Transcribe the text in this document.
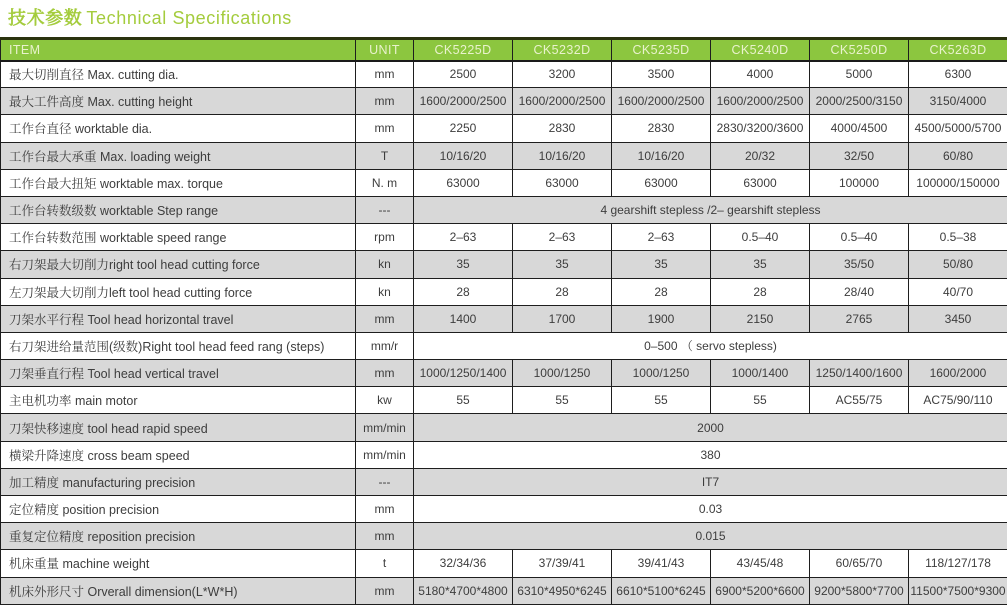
技术参数 Technical Specifications
ITEM	UNIT	CK5225D	CK5232D	CK5235D	CK5240D	CK5250D	CK5263D
最大切削直径 Max. cutting dia.	mm	2500	3200	3500	4000	5000	6300
最大工件高度 Max. cutting height	mm	1600/2000/2500	1600/2000/2500	1600/2000/2500	1600/2000/2500	2000/2500/3150	3150/4000
工作台直径 worktable dia.	mm	2250	2830	2830	2830/3200/3600	4000/4500	4500/5000/5700
工作台最大承重 Max. loading weight	T	10/16/20	10/16/20	10/16/20	20/32	32/50	60/80
工作台最大扭矩 worktable max. torque	N. m	63000	63000	63000	63000	100000	100000/150000
工作台转数级数 worktable Step range	---	4 gearshift stepless /2– gearshift stepless					
工作台转数范围 worktable speed range	rpm	2–63	2–63	2–63	0.5–40	0.5–40	0.5–38
右刀架最大切削力right tool head cutting force	kn	35	35	35	35	35/50	50/80
左刀架最大切削力left tool head cutting force	kn	28	28	28	28	28/40	40/70
刀架水平行程 Tool head horizontal travel	mm	1400	1700	1900	2150	2765	3450
右刀架进给量范围(级数)Right tool head feed rang (steps)	mm/r	0–500 （ servo stepless)					
刀架垂直行程 Tool head vertical travel	mm	1000/1250/1400	1000/1250	1000/1250	1000/1400	1250/1400/1600	1600/2000
主电机功率 main motor	kw	55	55	55	55	AC55/75	AC75/90/110
刀架快移速度 tool head rapid speed	mm/min	2000					
横梁升降速度 cross beam speed	mm/min	380					
加工精度 manufacturing precision	---	IT7					
定位精度 position precision	mm	0.03					
重复定位精度 reposition precision	mm	0.015					
机床重量 machine weight	t	32/34/36	37/39/41	39/41/43	43/45/48	60/65/70	118/127/178
机床外形尺寸 Orverall dimension(L*W*H)	mm	5180*4700*4800	6310*4950*6245	6610*5100*6245	6900*5200*6600	9200*5800*7700	11500*7500*9300
